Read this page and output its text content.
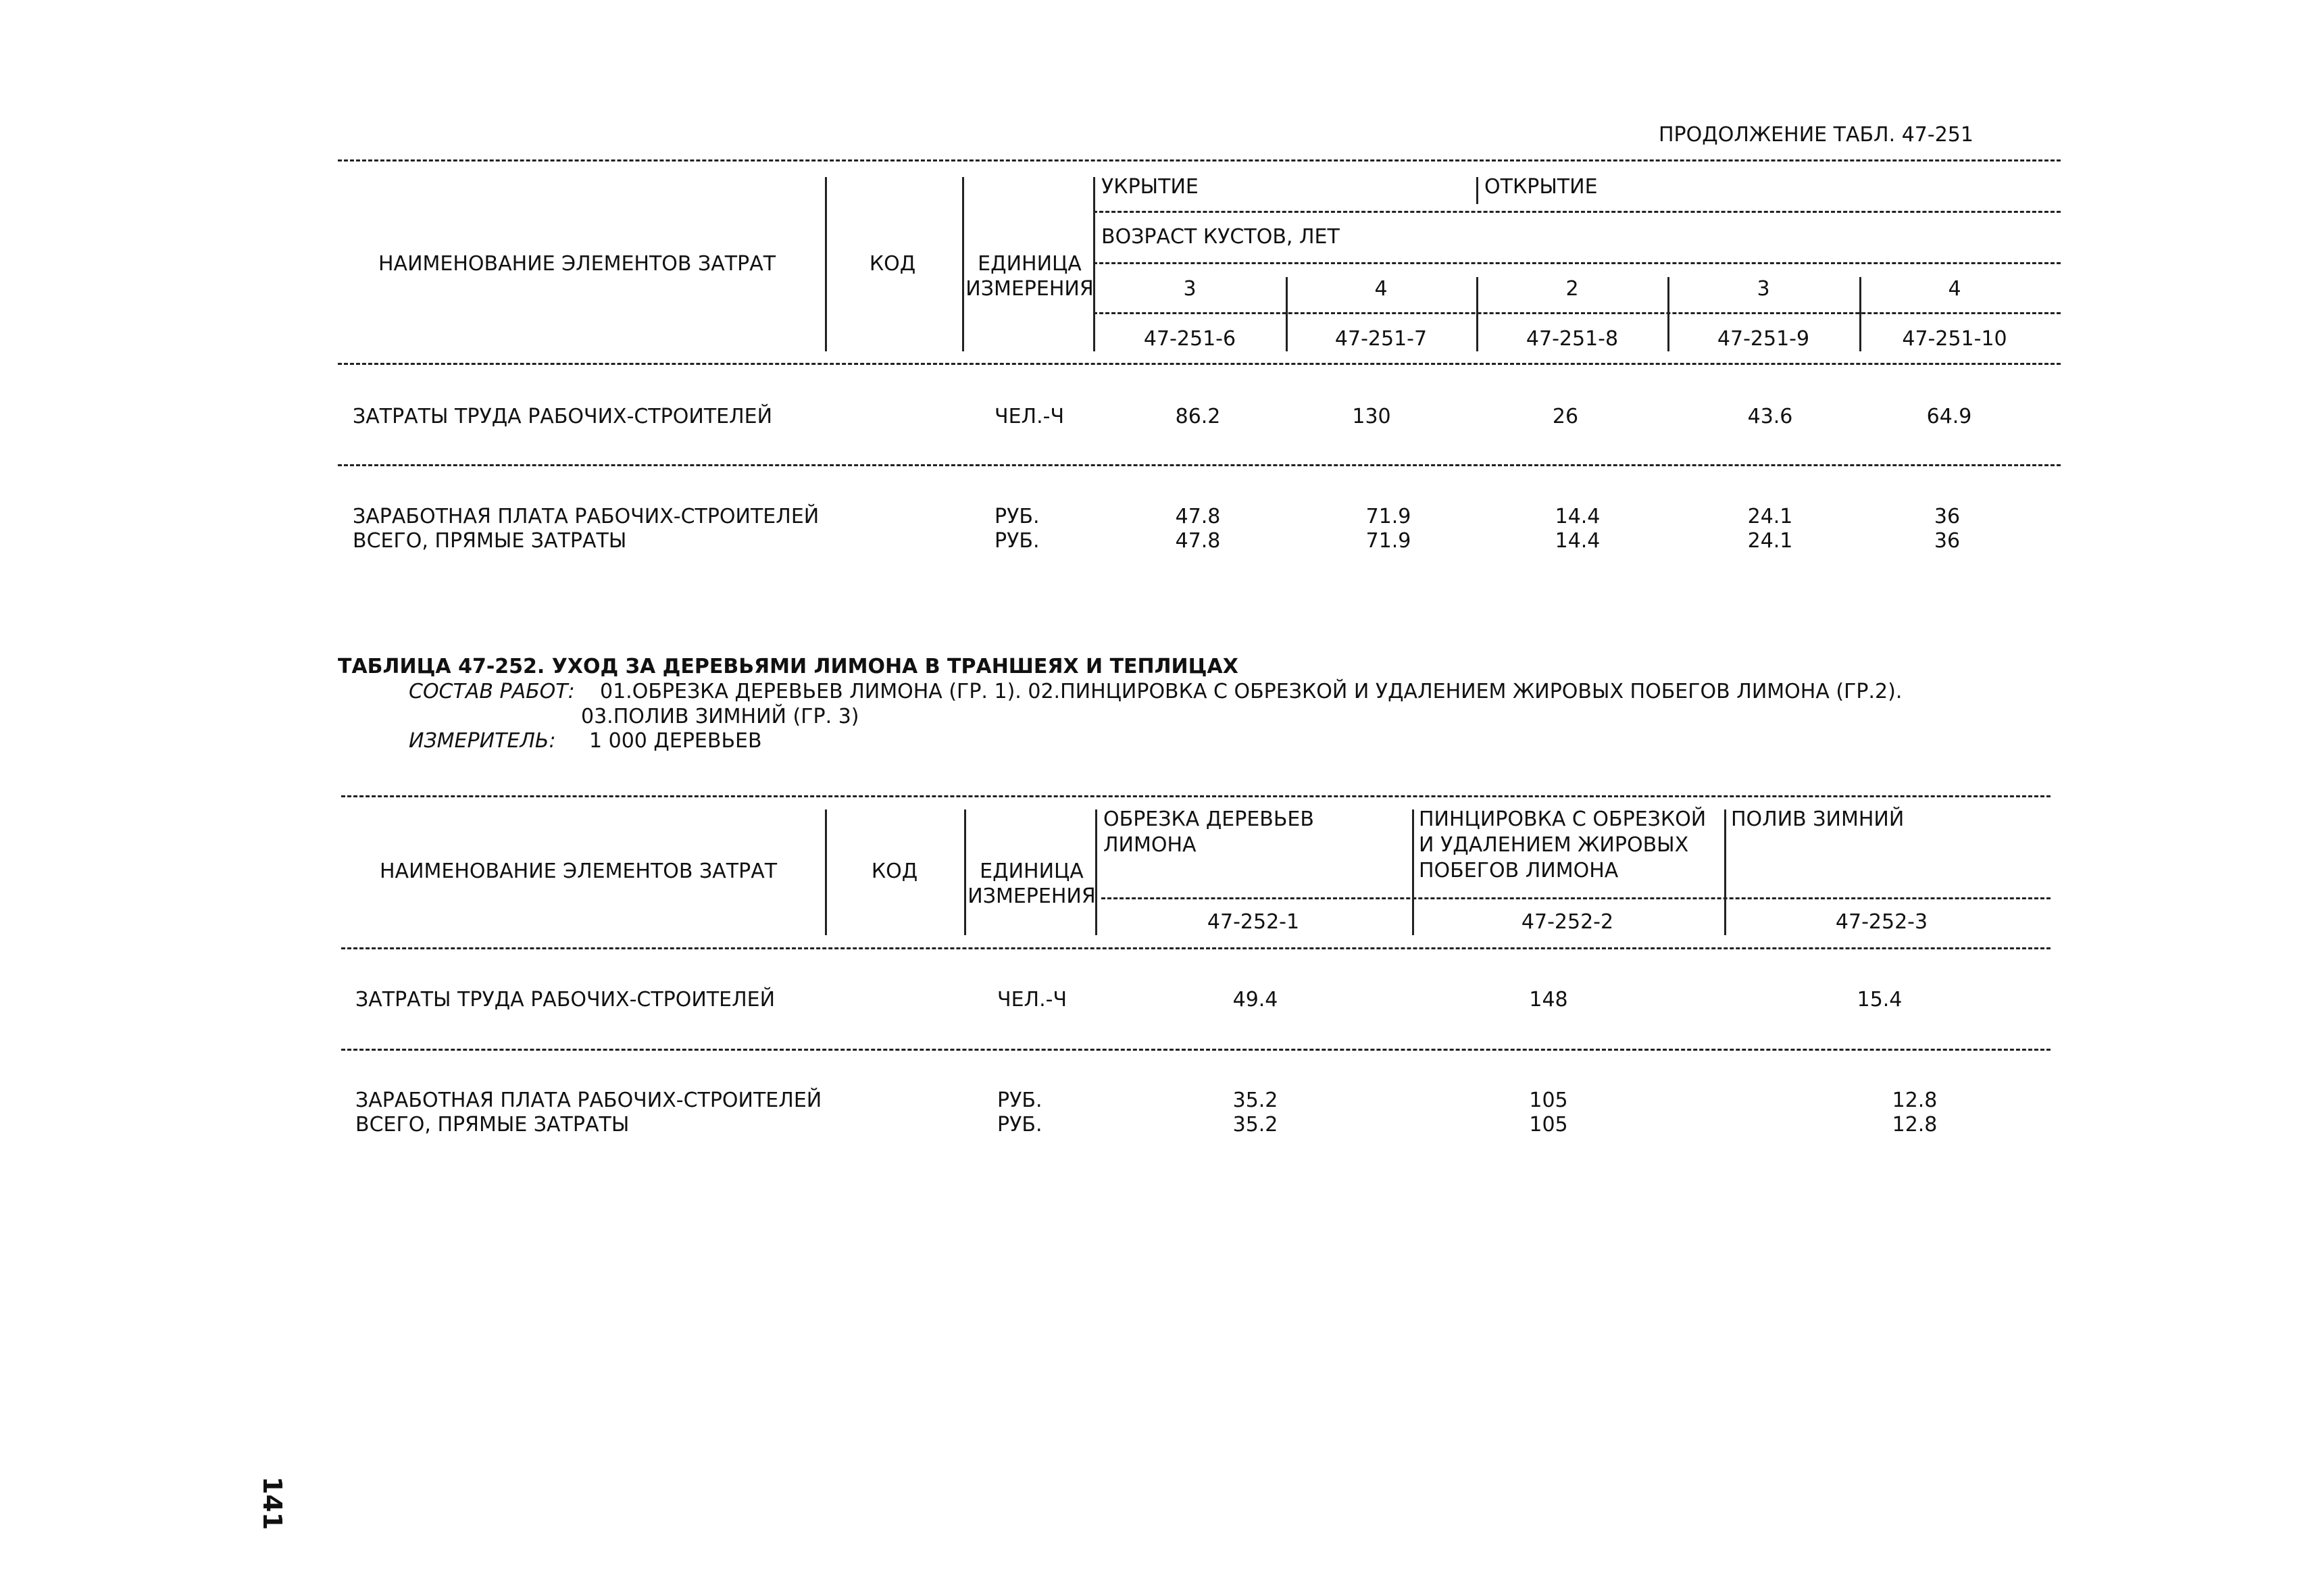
ПРОДОЛЖЕНИЕ ТАБЛ. 47-251
НАИМЕНОВАНИЕ ЭЛЕМЕНТОВ ЗАТРАТ	КОД	ЕДИНИЦА
ИЗМЕРЕНИЯ
УКРЫТИЕ	ОТКРЫТИЕ
ВОЗРАСТ КУСТОВ, ЛЕТ
3	4	2	3	4
47-251-6	47-251-7	47-251-8	47-251-9	47-251-10
ЗАТРАТЫ ТРУДА РАБОЧИХ-СТРОИТЕЛЕЙ	ЧЕЛ.-Ч	86.2	130	26	43.6	64.9
ЗАРАБОТНАЯ ПЛАТА РАБОЧИХ-СТРОИТЕЛЕЙ	РУБ.	47.8	71.9	14.4	24.1	36
ВСЕГО, ПРЯМЫЕ ЗАТРАТЫ	РУБ.	47.8	71.9	14.4	24.1	36
ТАБЛИЦА 47-252. УХОД ЗА ДЕРЕВЬЯМИ ЛИМОНА В ТРАНШЕЯХ И ТЕПЛИЦАХ
СОСТАВ РАБОТ: 01.ОБРЕЗКА ДЕРЕВЬЕВ ЛИМОНА (ГР. 1). 02.ПИНЦИРОВКА С ОБРЕЗКОЙ И УДАЛЕНИЕМ ЖИРОВЫХ ПОБЕГОВ ЛИМОНА (ГР.2).
03.ПОЛИВ ЗИМНИЙ (ГР. 3)
ИЗМЕРИТЕЛЬ: 1 000 ДЕРЕВЬЕВ
НАИМЕНОВАНИЕ ЭЛЕМЕНТОВ ЗАТРАТ	КОД	ЕДИНИЦА
ИЗМЕРЕНИЯ
ОБРЕЗКА ДЕРЕВЬЕВ
ЛИМОНА
ПИНЦИРОВКА С ОБРЕЗКОЙ
И УДАЛЕНИЕМ ЖИРОВЫХ
ПОБЕГОВ ЛИМОНА
ПОЛИВ ЗИМНИЙ
47-252-1	47-252-2	47-252-3
ЗАТРАТЫ ТРУДА РАБОЧИХ-СТРОИТЕЛЕЙ	ЧЕЛ.-Ч	49.4	148	15.4
ЗАРАБОТНАЯ ПЛАТА РАБОЧИХ-СТРОИТЕЛЕЙ	РУБ.	35.2	105	12.8
ВСЕГО, ПРЯМЫЕ ЗАТРАТЫ	РУБ.	35.2	105	12.8
141
